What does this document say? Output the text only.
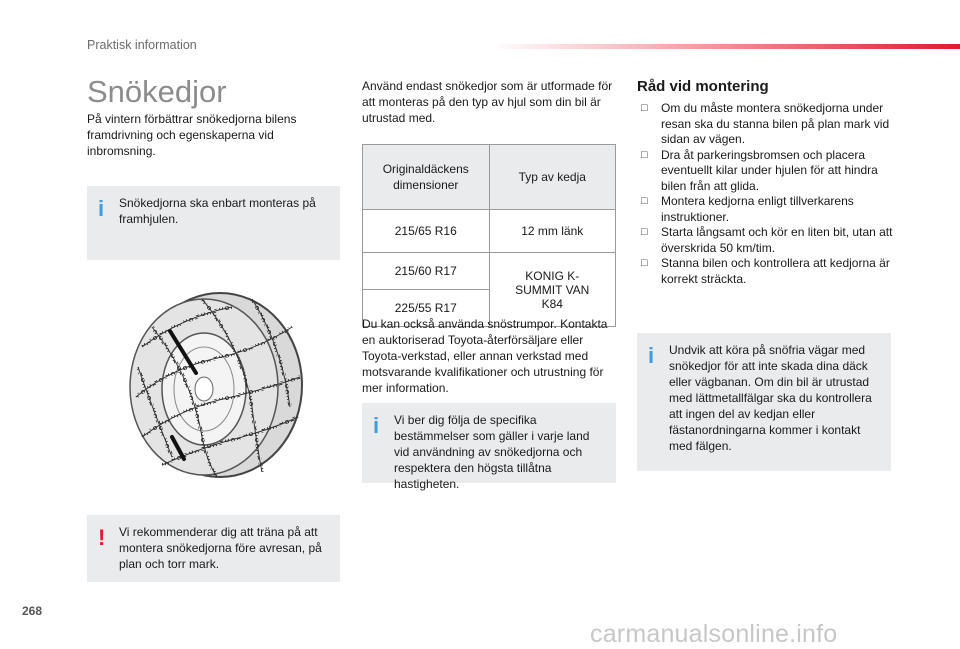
Praktisk information
Snökedjor
På vintern förbättrar snökedjorna bilens framdrivning och egenskaperna vid inbromsning.
i Snökedjorna ska enbart monteras på framhjulen.
! Vi rekommenderar dig att träna på att montera snökedjorna före avresan, på plan och torr mark.
Använd endast snökedjor som är utformade för att monteras på den typ av hjul som din bil är utrustad med.
Originaldäckens dimensioner	Typ av kedja
215/65 R16	12 mm länk
215/60 R17	KONIG K-SUMMIT VAN K84
225/55 R17	
Du kan också använda snöstrumpor. Kontakta en auktoriserad Toyota-återförsäljare eller Toyota-verkstad, eller annan verkstad med motsvarande kvalifikationer och utrustning för mer information.
i Vi ber dig följa de specifika bestämmelser som gäller i varje land vid användning av snökedjorna och respektera den högsta tillåtna hastigheten.
Råd vid montering
□ Om du måste montera snökedjorna under resan ska du stanna bilen på plan mark vid sidan av vägen.
□ Dra åt parkeringsbromsen och placera eventuellt kilar under hjulen för att hindra bilen från att glida.
□ Montera kedjorna enligt tillverkarens instruktioner.
□ Starta långsamt och kör en liten bit, utan att överskrida 50 km/tim.
□ Stanna bilen och kontrollera att kedjorna är korrekt sträckta.
i Undvik att köra på snöfria vägar med snökedjor för att inte skada dina däck eller vägbanan. Om din bil är utrustad med lättmetallfälgar ska du kontrollera att ingen del av kedjan eller fästanordningarna kommer i kontakt med fälgen.
268
carmanualsonline.info
